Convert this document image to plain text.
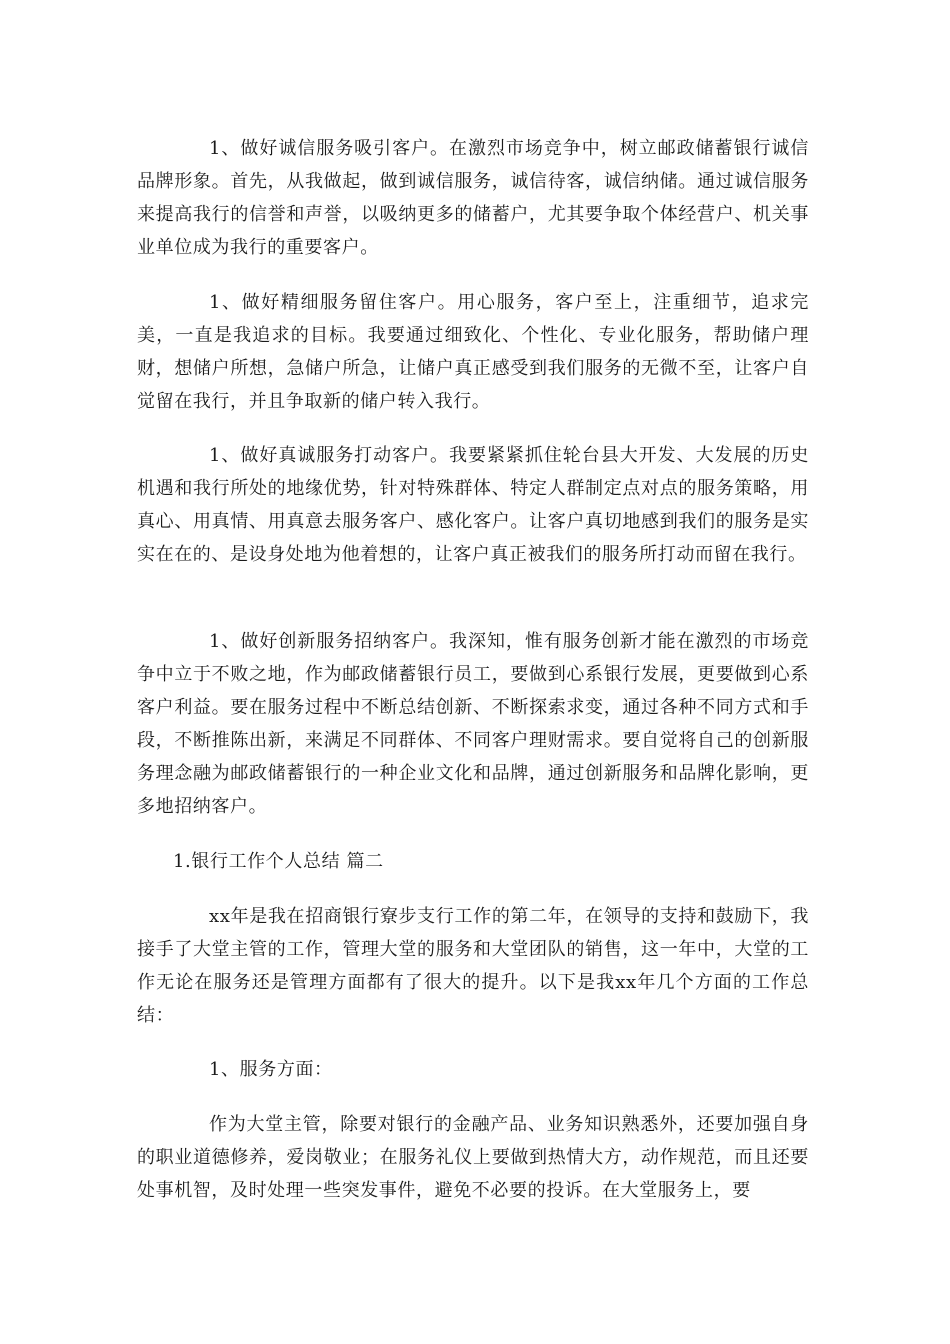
1、做好诚信服务吸引客户。在激烈市场竞争中，树立邮政储蓄银行诚信品牌形象。首先，从我做起，做到诚信服务，诚信待客，诚信纳储。通过诚信服务来提高我行的信誉和声誉，以吸纳更多的储蓄户，尤其要争取个体经营户、机关事业单位成为我行的重要客户。

1、做好精细服务留住客户。用心服务，客户至上，注重细节，追求完美，一直是我追求的目标。我要通过细致化、个性化、专业化服务，帮助储户理财，想储户所想，急储户所急，让储户真正感受到我们服务的无微不至，让客户自觉留在我行，并且争取新的储户转入我行。

1、做好真诚服务打动客户。我要紧紧抓住轮台县大开发、大发展的历史机遇和我行所处的地缘优势，针对特殊群体、特定人群制定点对点的服务策略，用真心、用真情、用真意去服务客户、感化客户。让客户真切地感到我们的服务是实实在在的、是设身处地为他着想的，让客户真正被我们的服务所打动而留在我行。

1、做好创新服务招纳客户。我深知，惟有服务创新才能在激烈的市场竞争中立于不败之地，作为邮政储蓄银行员工，要做到心系银行发展，更要做到心系客户利益。要在服务过程中不断总结创新、不断探索求变，通过各种不同方式和手段，不断推陈出新，来满足不同群体、不同客户理财需求。要自觉将自己的创新服务理念融为邮政储蓄银行的一种企业文化和品牌，通过创新服务和品牌化影响，更多地招纳客户。

1.银行工作个人总结 篇二

xx年是我在招商银行寮步支行工作的第二年，在领导的支持和鼓励下，我接手了大堂主管的工作，管理大堂的服务和大堂团队的销售，这一年中，大堂的工作无论在服务还是管理方面都有了很大的提升。以下是我xx年几个方面的工作总结：

1、服务方面：

作为大堂主管，除要对银行的金融产品、业务知识熟悉外，还要加强自身的职业道德修养，爱岗敬业；在服务礼仪上要做到热情大方，动作规范，而且还要处事机智，及时处理一些突发事件，避免不必要的投诉。在大堂服务上，要
